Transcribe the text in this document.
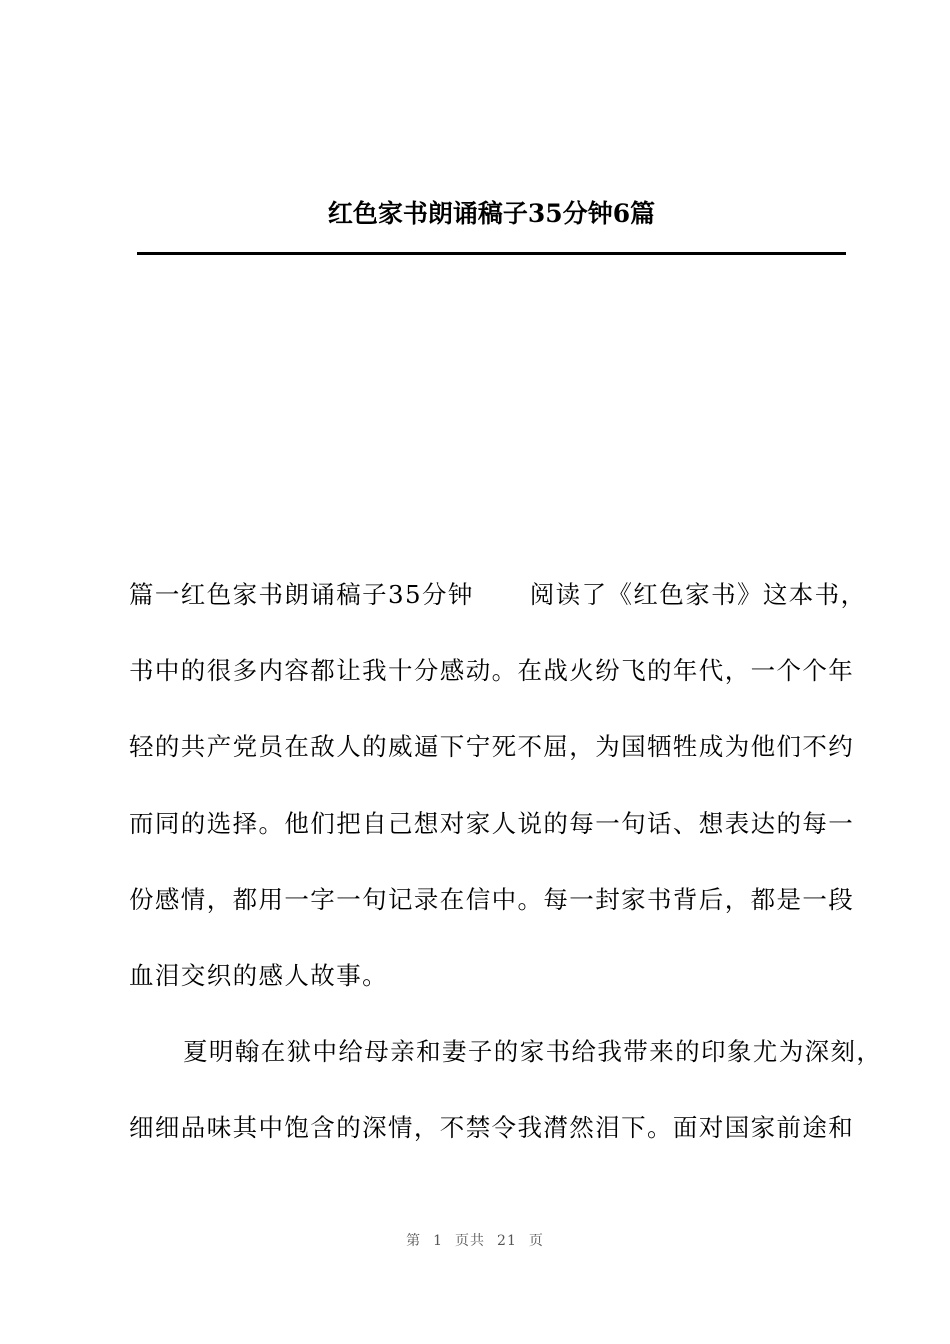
红色家书朗诵稿子35分钟6篇
篇一红色家书朗诵稿子35分钟 阅读了《红色家书》这本书，
书中的很多内容都让我十分感动。在战火纷飞的年代，一个个年
轻的共产党员在敌人的威逼下宁死不屈，为国牺牲成为他们不约
而同的选择。他们把自己想对家人说的每一句话、想表达的每一
份感情，都用一字一句记录在信中。每一封家书背后，都是一段
血泪交织的感人故事。
夏明翰在狱中给母亲和妻子的家书给我带来的印象尤为深刻，
细细品味其中饱含的深情，不禁令我潸然泪下。面对国家前途和
第 1 页共 21 页
